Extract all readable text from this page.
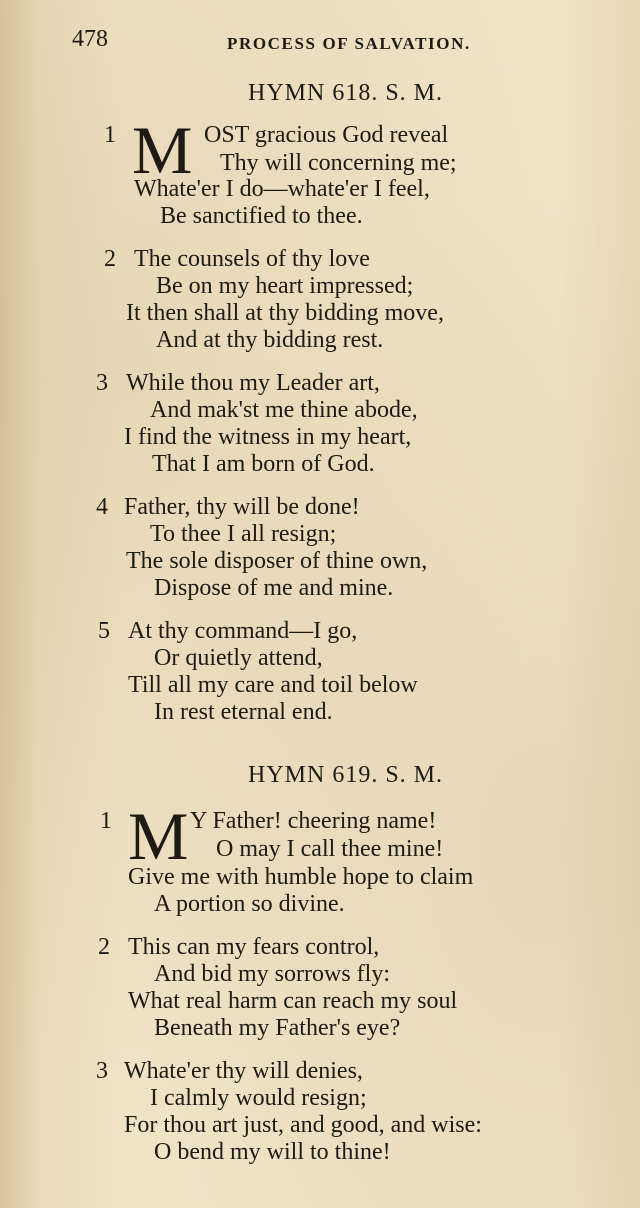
478	PROCESS OF SALVATION.
HYMN 618. S. M.
1 M OST gracious God reveal
Thy will concerning me;
Whate'er I do—whate'er I feel,
Be sanctified to thee.
2 The counsels of thy love
Be on my heart impressed;
It then shall at thy bidding move,
And at thy bidding rest.
3 While thou my Leader art,
And mak'st me thine abode,
I find the witness in my heart,
That I am born of God.
4 Father, thy will be done!
To thee I all resign;
The sole disposer of thine own,
Dispose of me and mine.
5 At thy command—I go,
Or quietly attend,
Till all my care and toil below
In rest eternal end.
HYMN 619. S. M.
1 M Y Father! cheering name!
O may I call thee mine!
Give me with humble hope to claim
A portion so divine.
2 This can my fears control,
And bid my sorrows fly:
What real harm can reach my soul
Beneath my Father's eye?
3 Whate'er thy will denies,
I calmly would resign;
For thou art just, and good, and wise:
O bend my will to thine!
